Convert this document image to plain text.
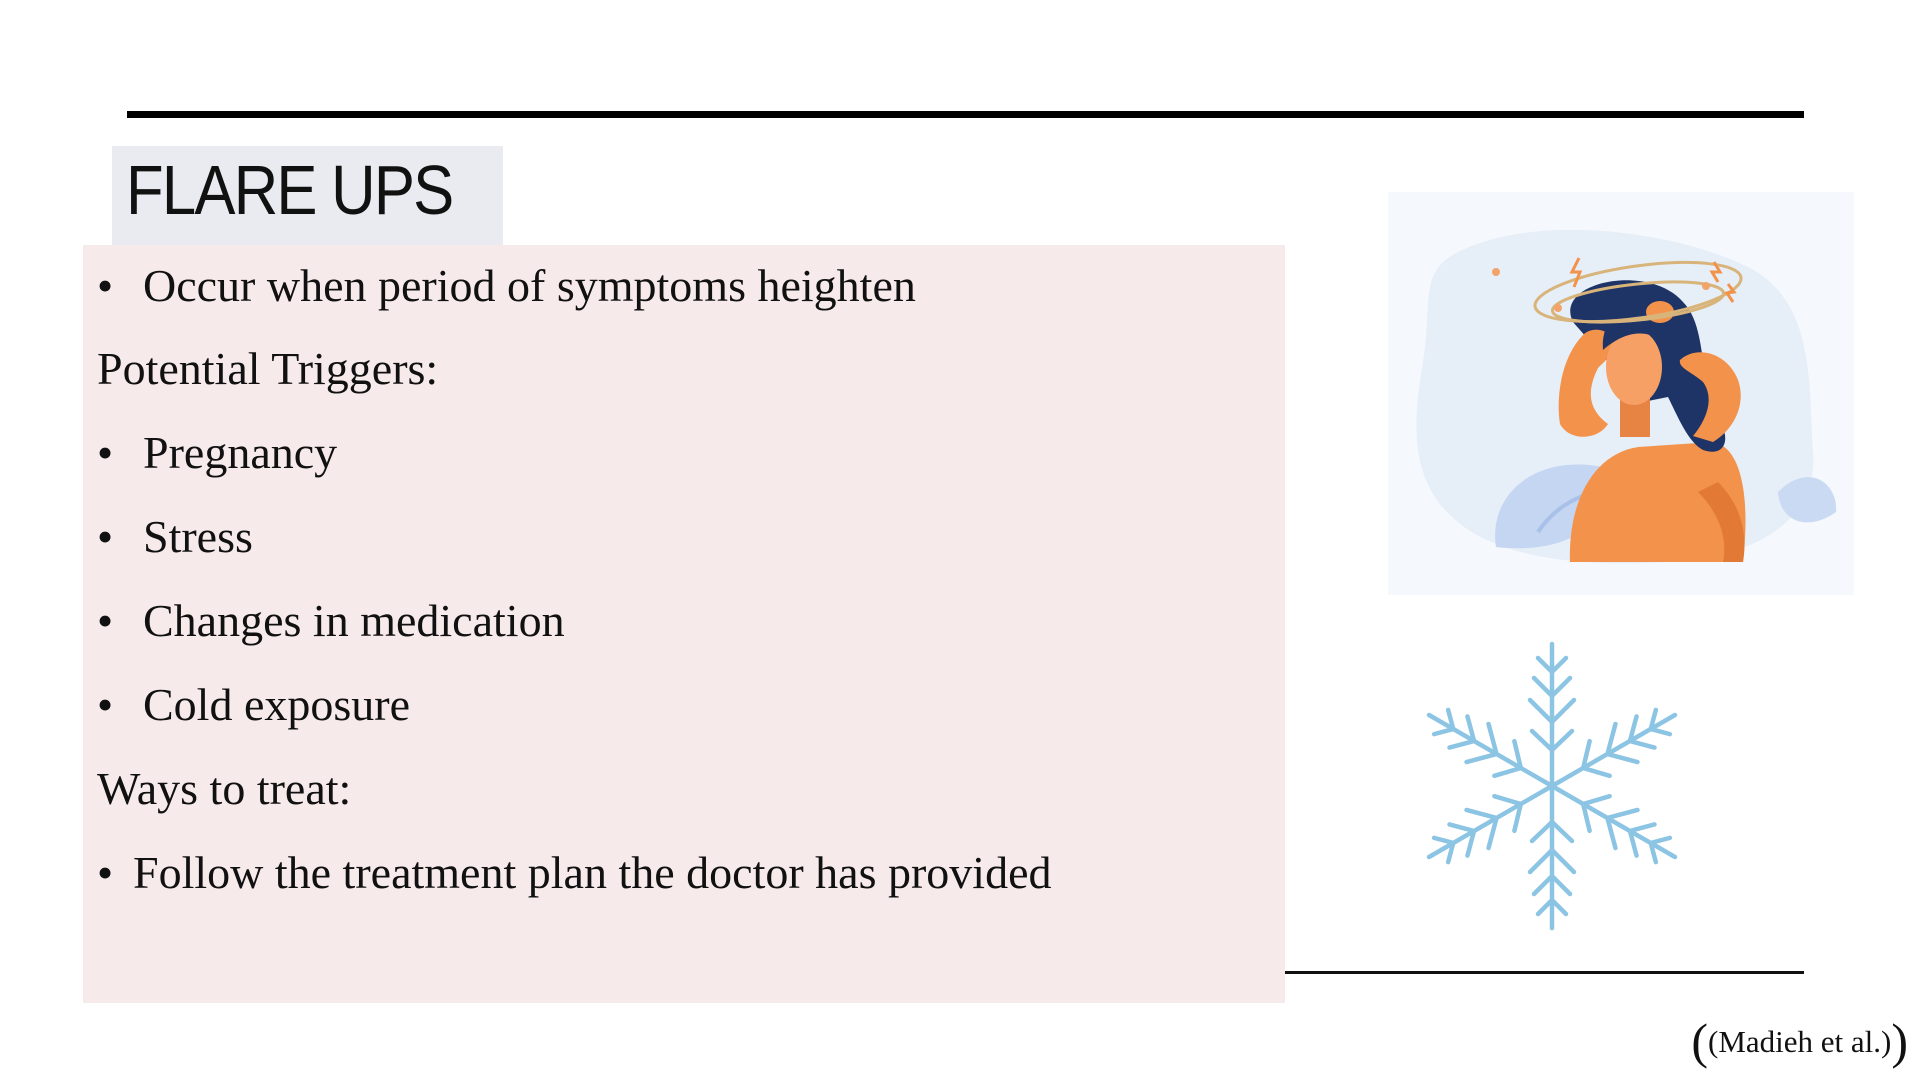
FLARE UPS

• Occur when period of symptoms heighten

Potential Triggers:

• Pregnancy

• Stress

• Changes in medication

• Cold exposure

Ways to treat:

• Follow the treatment plan the doctor has provided

((Madieh et al.))
